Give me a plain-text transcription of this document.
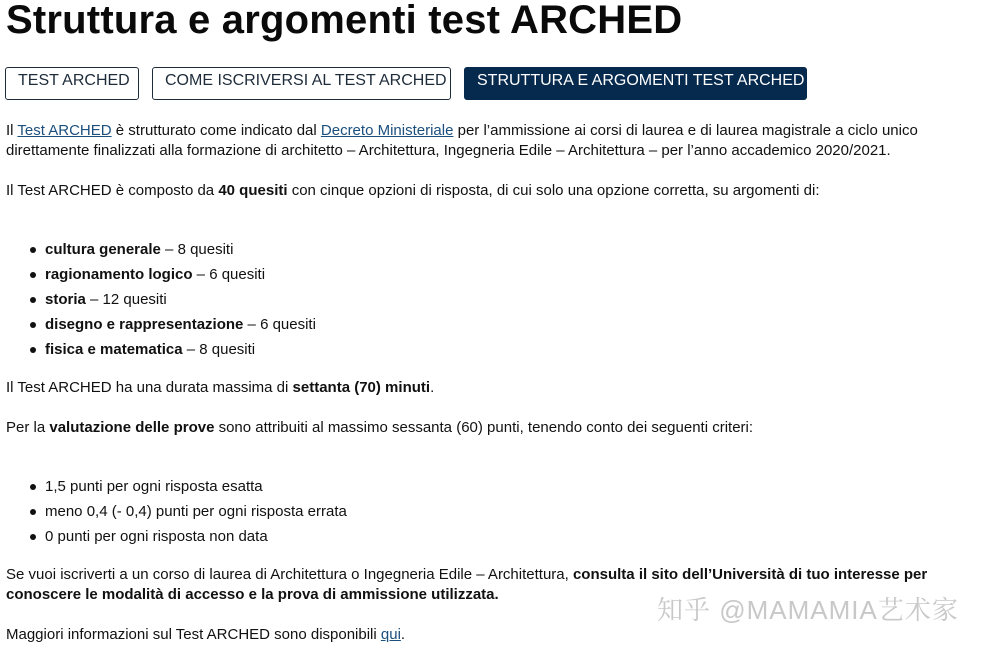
Struttura e argomenti test ARCHED
TEST ARCHED	COME ISCRIVERSI AL TEST ARCHED	STRUTTURA E ARGOMENTI TEST ARCHED

Il Test ARCHED è strutturato come indicato dal Decreto Ministeriale per l’ammissione ai corsi di laurea e di laurea magistrale a ciclo unico

direttamente finalizzati alla formazione di architetto – Architettura, Ingegneria Edile – Architettura – per l’anno accademico 2020/2021.

Il Test ARCHED è composto da 40 quesiti con cinque opzioni di risposta, di cui solo una opzione corretta, su argomenti di:

cultura generale – 8 quesiti
ragionamento logico – 6 quesiti
storia – 12 quesiti
disegno e rappresentazione – 6 quesiti
fisica e matematica – 8 quesiti

Il Test ARCHED ha una durata massima di settanta (70) minuti.

Per la valutazione delle prove sono attribuiti al massimo sessanta (60) punti, tenendo conto dei seguenti criteri:

1,5 punti per ogni risposta esatta
meno 0,4 (- 0,4) punti per ogni risposta errata
0 punti per ogni risposta non data

Se vuoi iscriverti a un corso di laurea di Architettura o Ingegneria Edile – Architettura, consulta il sito dell’Università di tuo interesse per

conoscere le modalità di accesso e la prova di ammissione utilizzata.

Maggiori informazioni sul Test ARCHED sono disponibili qui.

知乎 @MAMAMIA艺术家
